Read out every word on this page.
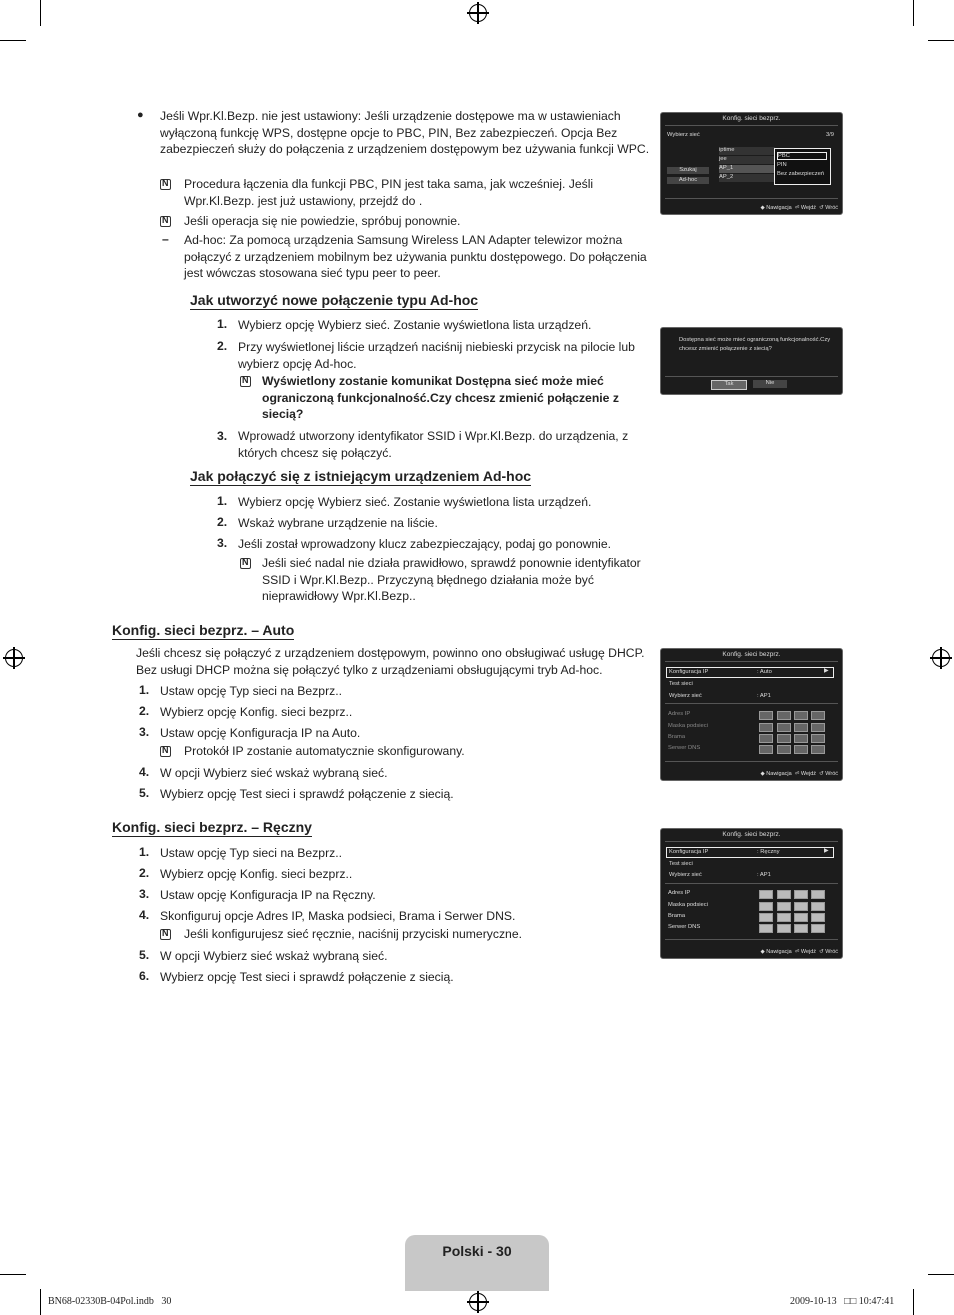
● Jeśli Wpr.Kl.Bezp. nie jest ustawiony: Jeśli urządzenie dostępowe ma w ustawieniach wyłączoną funkcję WPS, dostępne opcje to PBC, PIN, Bez zabezpieczeń. Opcja Bez zabezpieczeń służy do połączenia z urządzeniem dostępowym bez używania funkcji WPC.
N
Procedura łączenia dla funkcji PBC, PIN jest taka sama, jak wcześniej. Jeśli Wpr.Kl.Bezp. jest już ustawiony, przejdź do .
N
Jeśli operacja się nie powiedzie, spróbuj ponownie.
– Ad-hoc: Za pomocą urządzenia Samsung Wireless LAN Adapter telewizor można połączyć z urządzeniem mobilnym bez używania punktu dostępowego. Do połączenia jest wówczas stosowana sieć typu peer to peer.
Jak utworzyć nowe połączenie typu Ad-hoc
1. Wybierz opcję Wybierz sieć. Zostanie wyświetlona lista urządzeń.
2. Przy wyświetlonej liście urządzeń naciśnij niebieski przycisk na pilocie lub wybierz opcję Ad-hoc.
N
Wyświetlony zostanie komunikat Dostępna sieć może mieć ograniczoną funkcjonalność.Czy chcesz zmienić połączenie z siecią?
3. Wprowadź utworzony identyfikator SSID i Wpr.Kl.Bezp. do urządzenia, z których chcesz się połączyć.
Jak połączyć się z istniejącym urządzeniem Ad-hoc
1. Wybierz opcję Wybierz sieć. Zostanie wyświetlona lista urządzeń.
2. Wskaż wybrane urządzenie na liście.
3. Jeśli został wprowadzony klucz zabezpieczający, podaj go ponownie.
N
Jeśli sieć nadal nie działa prawidłowo, sprawdź ponownie identyfikator SSID i Wpr.Kl.Bezp.. Przyczyną błędnego działania może być nieprawidłowy Wpr.Kl.Bezp..
Konfig. sieci bezprz. – Auto
Jeśli chcesz się połączyć z urządzeniem dostępowym, powinno ono obsługiwać usługę DHCP. Bez usługi DHCP można się połączyć tylko z urządzeniami obsługującymi tryb Ad-hoc.
1. Ustaw opcję Typ sieci na Bezprz..
2. Wybierz opcję Konfig. sieci bezprz..
3. Ustaw opcję Konfiguracja IP na Auto.
N
Protokół IP zostanie automatycznie skonfigurowany.
4. W opcji Wybierz sieć wskaż wybraną sieć.
5. Wybierz opcję Test sieci i sprawdź połączenie z siecią.
Konfig. sieci bezprz. – Ręczny
1. Ustaw opcję Typ sieci na Bezprz..
2. Wybierz opcję Konfig. sieci bezprz..
3. Ustaw opcję Konfiguracja IP na Ręczny.
4. Skonfiguruj opcje Adres IP, Maska podsieci, Brama i Serwer DNS.
N
Jeśli konfigurujesz sieć ręcznie, naciśnij przyciski numeryczne.
5. W opcji Wybierz sieć wskaż wybraną sieć.
6. Wybierz opcję Test sieci i sprawdź połączenie z siecią.
Konfig. sieci bezprz.
Wybierz sieć	3/9
iptime
jee
AP_1
AP_2
Szukaj
Ad-hoc
PBC
PIN
Bez zabezpieczeń
◆ Nawigacja  ⏎ Wejdź  ↺ Wróć
Dostępna sieć może mieć ograniczoną funkcjonalność.Czy chcesz zmienić połączenie z siecią?
Tak	Nie
Konfig. sieci bezprz.
Konfiguracja IP	: Auto	▶
Test sieci
Wybierz sieć	: AP1
Adres IP
Maska podsieci
Brama
Serwer DNS
◆ Nawigacja  ⏎ Wejdź  ↺ Wróć
Konfig. sieci bezprz.
Konfiguracja IP	: Ręczny	▶
Test sieci
Wybierz sieć	: AP1
Adres IP
Maska podsieci
Brama
Serwer DNS
◆ Nawigacja  ⏎ Wejdź  ↺ Wróć
Polski - 30
BN68-02330B-04Pol.indb   30	2009-10-13   □□ 10:47:41
